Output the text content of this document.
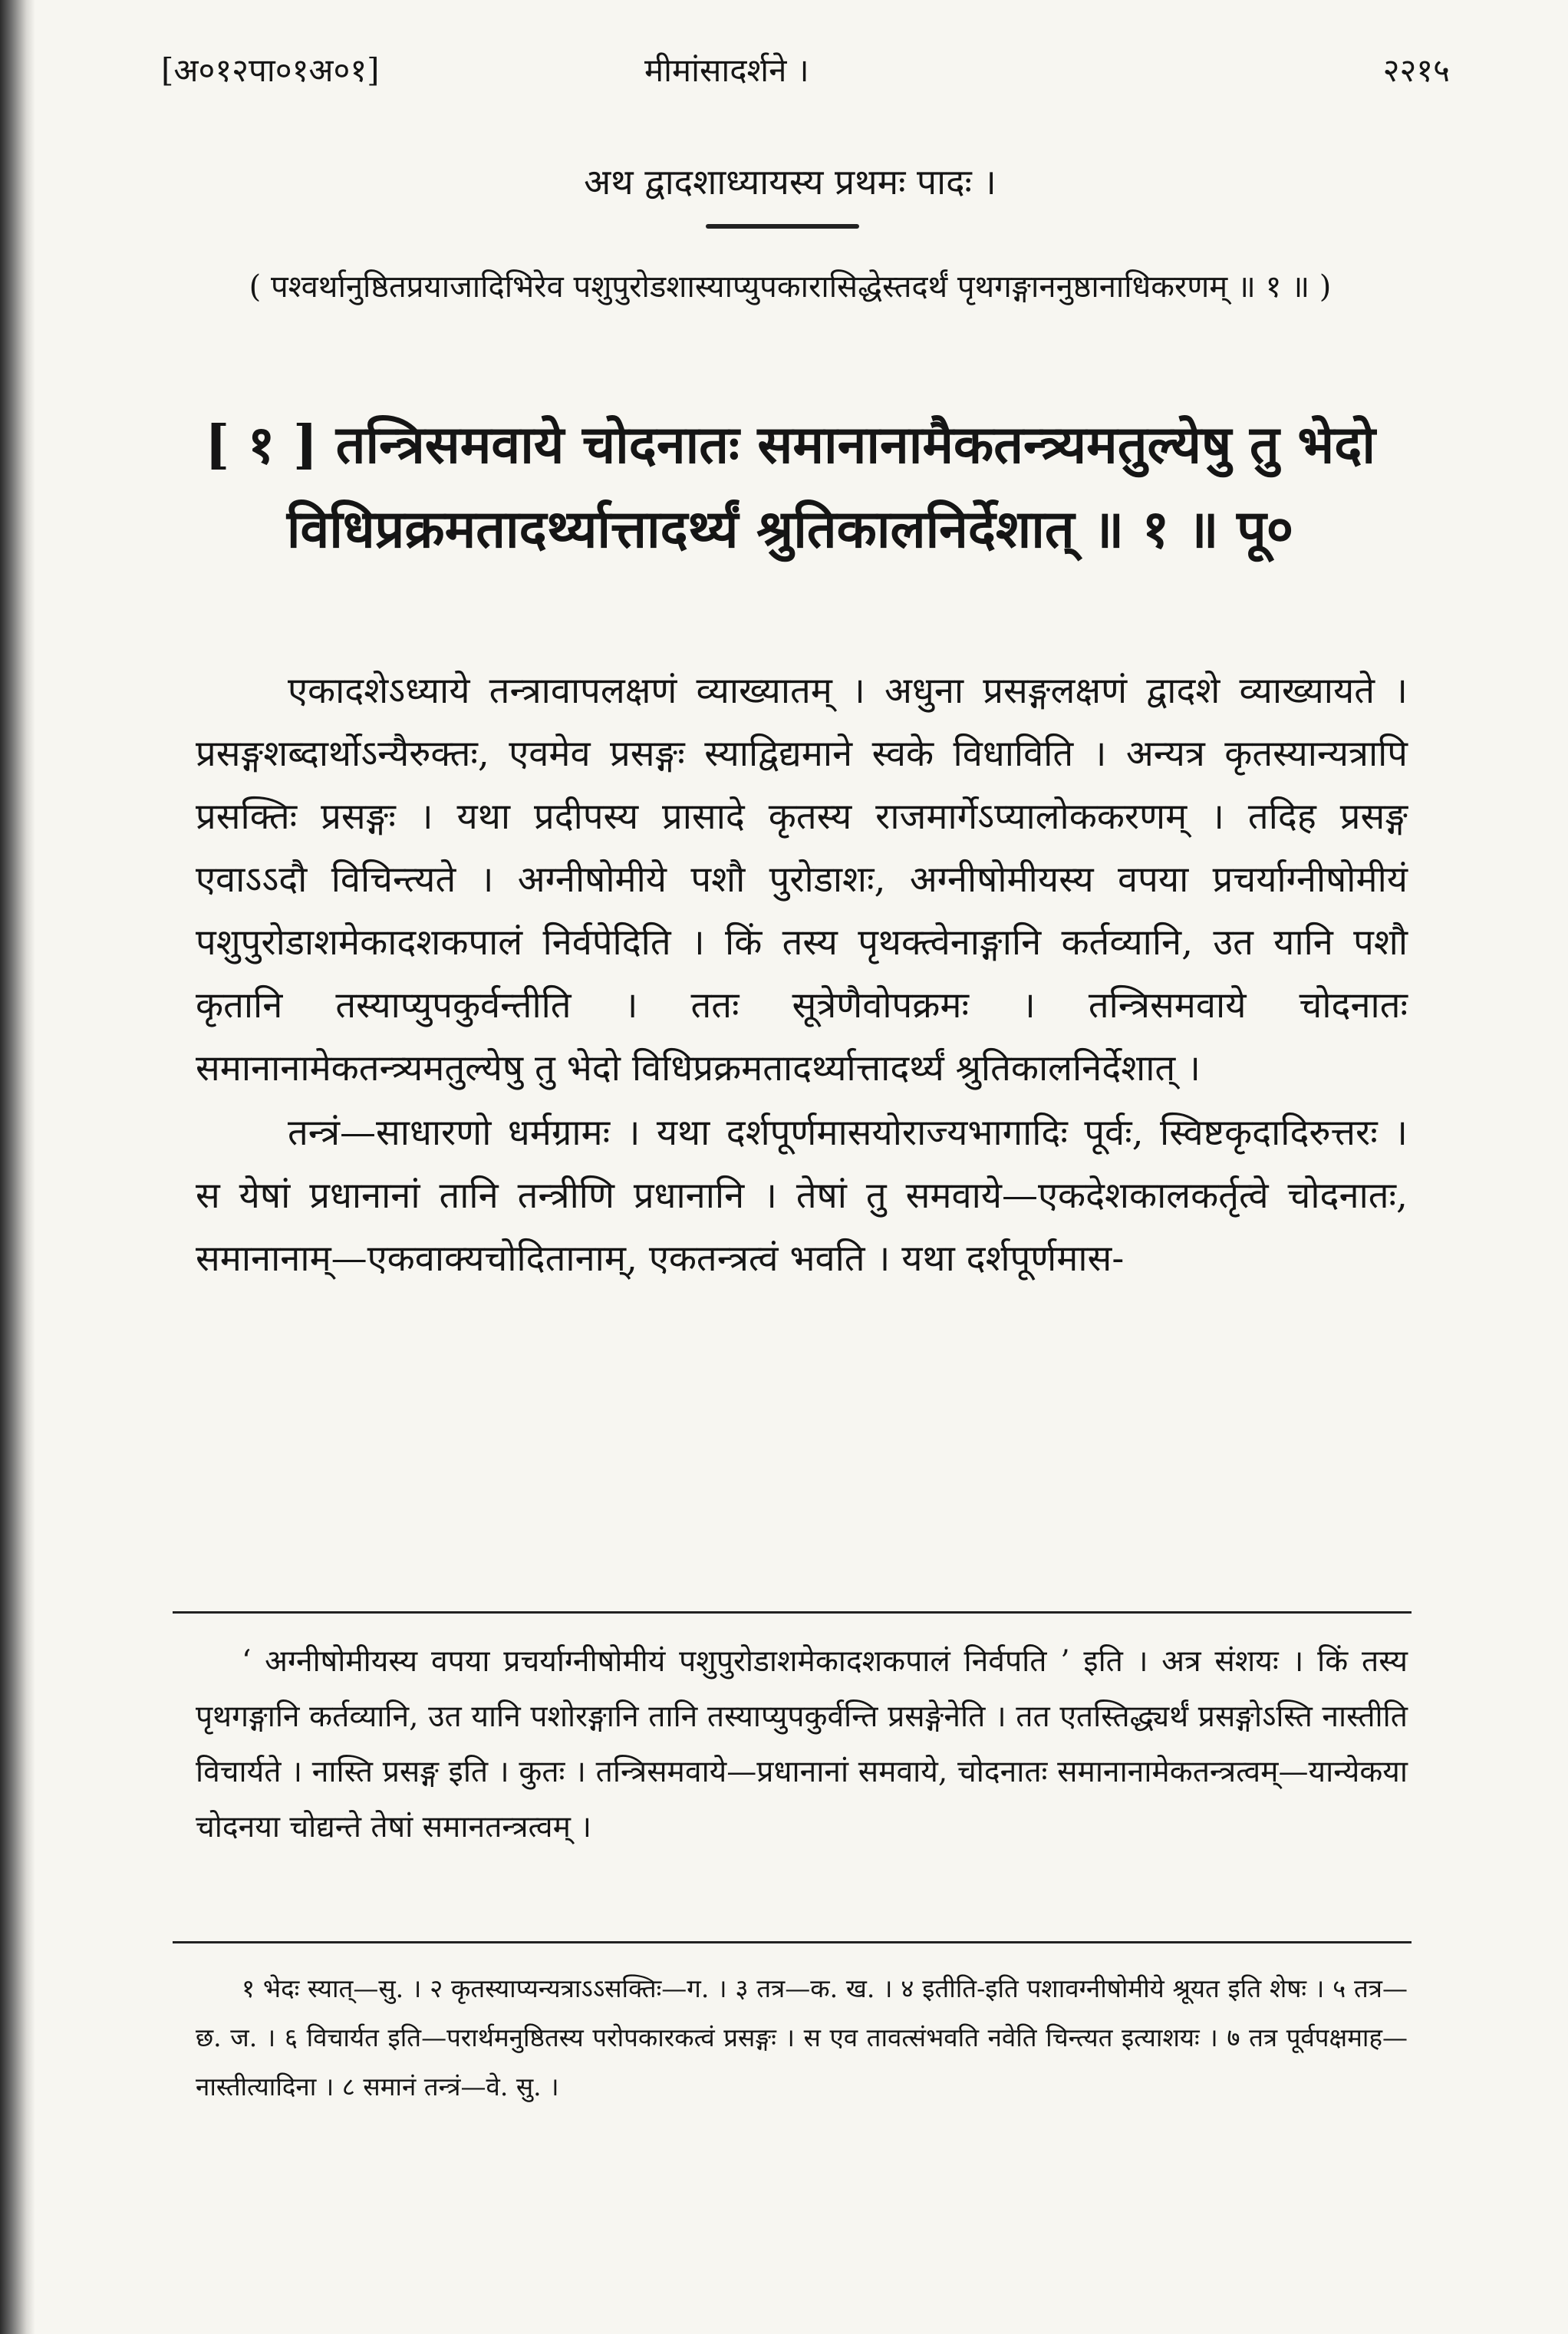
[अ०१२पा०१अ०१]	मीमांसादर्शने ।	२२१५
अथ द्वादशाध्यायस्य प्रथमः पादः ।
( पश्वर्थानुष्ठितप्रयाजादिभिरेव पशुपुरोडशास्याप्युपकारासिद्धेस्तदर्थं पृथगङ्गाननुष्ठानाधिकरणम् ॥ १ ॥ )
[ १ ] तन्त्रिसमवाये चोदनातः समानानामैकतन्त्र्यमतुल्येषु तु भेदो विधिप्रक्रमतादर्थ्यात्तादर्थ्यं श्रुतिकालनिर्देशात् ॥ १ ॥ पू०

एकादशेऽध्याये तन्त्रावापलक्षणं व्याख्यातम् । अधुना प्रसङ्गलक्षणं द्वादशे व्याख्यायते । प्रसङ्गशब्दार्थोऽन्यैरुक्तः, एवमेव प्रसङ्गः स्याद्विद्यमाने स्वके विधाविति । अन्यत्र कृतस्यान्यत्रापि प्रसक्तिः प्रसङ्गः । यथा प्रदीपस्य प्रासादे कृतस्य राजमार्गेऽप्यालोककरणम् । तदिह प्रसङ्ग एवाऽऽदौ विचिन्त्यते । अग्नीषोमीये पशौ पुरोडाशः, अग्नीषोमीयस्य वपया प्रचर्याग्नीषोमीयं पशुपुरोडाशमेकादशकपालं निर्वपेदिति । किं तस्य पृथक्त्वेनाङ्गानि कर्तव्यानि, उत यानि पशौ कृतानि तस्याप्युपकुर्वन्तीति । ततः सूत्रेणैवोपक्रमः । तन्त्रिसमवाये चोदनातः समानानामेकतन्त्र्यमतुल्येषु तु भेदो विधिप्रक्रमतादर्थ्यात्तादर्थ्यं श्रुतिकालनिर्देशात् ।

तन्त्रं—साधारणो धर्मग्रामः । यथा दर्शपूर्णमासयोराज्यभागादिः पूर्वः, स्विष्टकृदादिरुत्तरः । स येषां प्रधानानां तानि तन्त्रीणि प्रधानानि । तेषां तु समवाये—एकदेशकालकर्तृत्वे चोदनातः, समानानाम्—एकवाक्यचोदितानाम्, एकतन्त्रत्वं भवति । यथा दर्शपूर्णमास-

‘ अग्नीषोमीयस्य वपया प्रचर्याग्नीषोमीयं पशुपुरोडाशमेकादशकपालं निर्वपति ’ इति । अत्र संशयः । किं तस्य पृथगङ्गानि कर्तव्यानि, उत यानि पशोरङ्गानि तानि तस्याप्युपकुर्वन्ति प्रसङ्गेनेति । तत एतस्तिद्ध्यर्थं प्रसङ्गोऽस्ति नास्तीति विचार्यते । नास्ति प्रसङ्ग इति । कुतः । तन्त्रिसमवाये—प्रधानानां समवाये, चोदनातः समानानामेकतन्त्रत्वम्—यान्येकया चोदनया चोद्यन्ते तेषां समानतन्त्रत्वम् ।

१ भेदः स्यात्—सु. । २ कृतस्याप्यन्यत्राऽऽसक्तिः—ग. । ३ तत्र—क. ख. । ४ इतीति-इति पशावग्नीषोमीये श्रूयत इति शेषः । ५ तत्र—छ. ज. । ६ विचार्यत इति—परार्थमनुष्ठितस्य परोपकारकत्वं प्रसङ्गः । स एव तावत्संभवति नवेति चिन्त्यत इत्याशयः । ७ तत्र पूर्वपक्षमाह—नास्तीत्यादिना । ८ समानं तन्त्रं—वे. सु. ।
